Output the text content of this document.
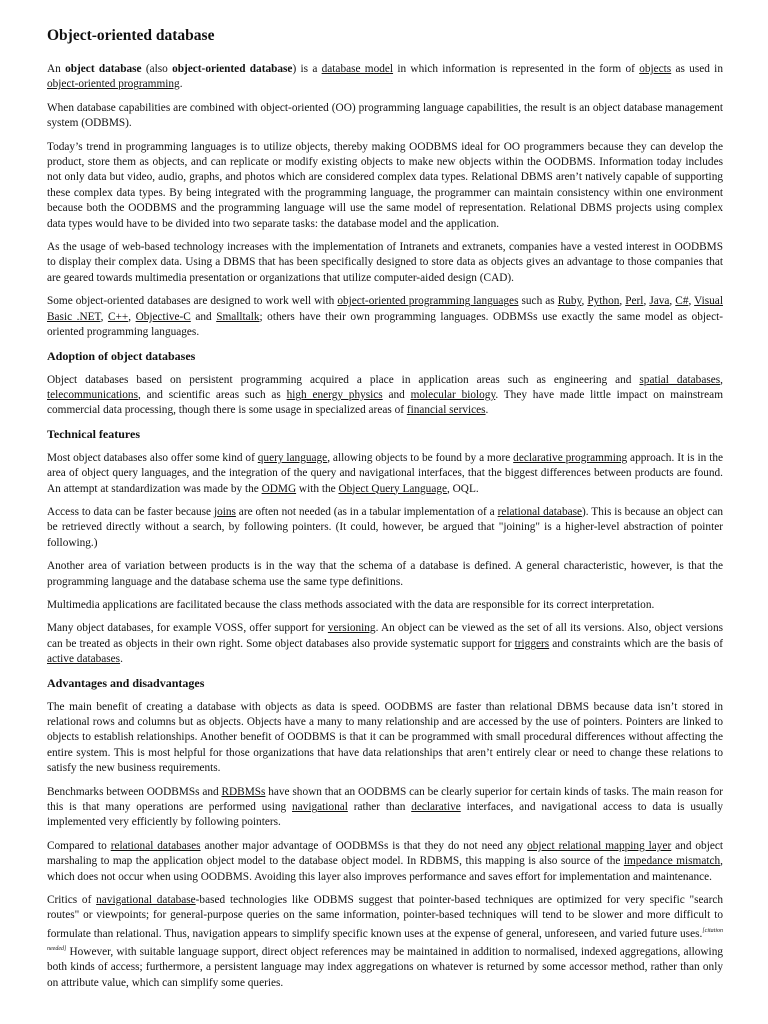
Object-oriented database

An object database (also object-oriented database) is a database model in which information is represented in the form of objects as used in object-oriented programming.

When database capabilities are combined with object-oriented (OO) programming language capabilities, the result is an object database management system (ODBMS).

Today’s trend in programming languages is to utilize objects, thereby making OODBMS ideal for OO programmers because they can develop the product, store them as objects, and can replicate or modify existing objects to make new objects within the OODBMS. Information today includes not only data but video, audio, graphs, and photos which are considered complex data types. Relational DBMS aren’t natively capable of supporting these complex data types. By being integrated with the programming language, the programmer can maintain consistency within one environment because both the OODBMS and the programming language will use the same model of representation. Relational DBMS projects using complex data types would have to be divided into two separate tasks: the database model and the application.

As the usage of web-based technology increases with the implementation of Intranets and extranets, companies have a vested interest in OODBMS to display their complex data. Using a DBMS that has been specifically designed to store data as objects gives an advantage to those companies that are geared towards multimedia presentation or organizations that utilize computer-aided design (CAD).

Some object-oriented databases are designed to work well with object-oriented programming languages such as Ruby, Python, Perl, Java, C#, Visual Basic .NET, C++, Objective-C and Smalltalk; others have their own programming languages. ODBMSs use exactly the same model as object-oriented programming languages.

Adoption of object databases

Object databases based on persistent programming acquired a place in application areas such as engineering and spatial databases, telecommunications, and scientific areas such as high energy physics and molecular biology. They have made little impact on mainstream commercial data processing, though there is some usage in specialized areas of financial services.

Technical features

Most object databases also offer some kind of query language, allowing objects to be found by a more declarative programming approach. It is in the area of object query languages, and the integration of the query and navigational interfaces, that the biggest differences between products are found. An attempt at standardization was made by the ODMG with the Object Query Language, OQL.

Access to data can be faster because joins are often not needed (as in a tabular implementation of a relational database). This is because an object can be retrieved directly without a search, by following pointers. (It could, however, be argued that "joining" is a higher-level abstraction of pointer following.)

Another area of variation between products is in the way that the schema of a database is defined. A general characteristic, however, is that the programming language and the database schema use the same type definitions.

Multimedia applications are facilitated because the class methods associated with the data are responsible for its correct interpretation.

Many object databases, for example VOSS, offer support for versioning. An object can be viewed as the set of all its versions. Also, object versions can be treated as objects in their own right. Some object databases also provide systematic support for triggers and constraints which are the basis of active databases.

Advantages and disadvantages

The main benefit of creating a database with objects as data is speed. OODBMS are faster than relational DBMS because data isn’t stored in relational rows and columns but as objects. Objects have a many to many relationship and are accessed by the use of pointers. Pointers are linked to objects to establish relationships. Another benefit of OODBMS is that it can be programmed with small procedural differences without affecting the entire system. This is most helpful for those organizations that have data relationships that aren’t entirely clear or need to change these relations to satisfy the new business requirements.

Benchmarks between OODBMSs and RDBMSs have shown that an OODBMS can be clearly superior for certain kinds of tasks. The main reason for this is that many operations are performed using navigational rather than declarative interfaces, and navigational access to data is usually implemented very efficiently by following pointers.

Compared to relational databases another major advantage of OODBMSs is that they do not need any object relational mapping layer and object marshaling to map the application object model to the database object model. In RDBMS, this mapping is also source of the impedance mismatch, which does not occur when using OODBMS. Avoiding this layer also improves performance and saves effort for implementation and maintenance.

Critics of navigational database-based technologies like ODBMS suggest that pointer-based techniques are optimized for very specific "search routes" or viewpoints; for general-purpose queries on the same information, pointer-based techniques will tend to be slower and more difficult to formulate than relational. Thus, navigation appears to simplify specific known uses at the expense of general, unforeseen, and varied future uses.[citation needed] However, with suitable language support, direct object references may be maintained in addition to normalised, indexed aggregations, allowing both kinds of access; furthermore, a persistent language may index aggregations on whatever is returned by some accessor method, rather than only on attribute value, which can simplify some queries.
